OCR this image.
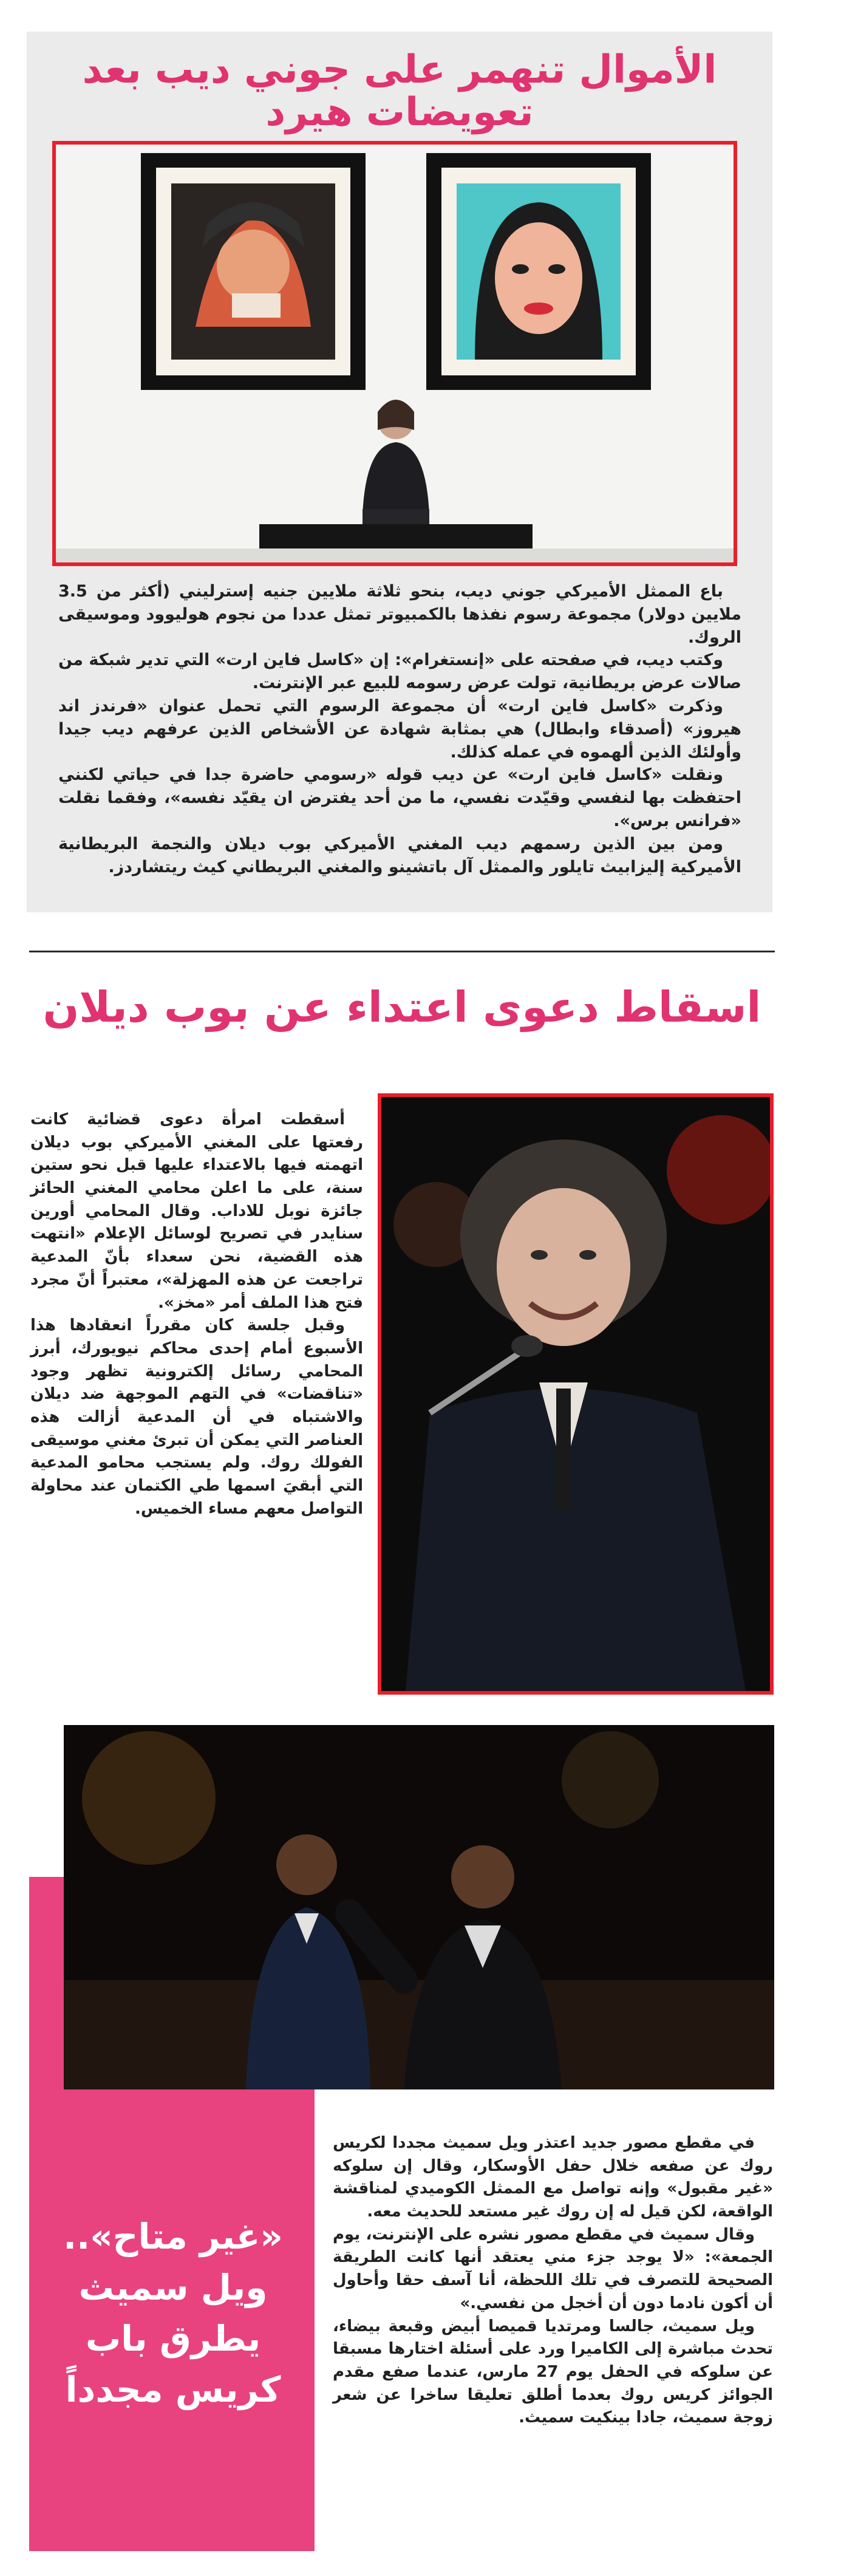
الأموال تنهمر على جوني ديب بعد تعويضات هيرد

باع الممثل الأميركي جوني ديب، بنحو ثلاثة ملايين جنيه إسترليني (أكثر من 3.5 ملايين دولار) مجموعة رسوم نفذها بالكمبيوتر تمثل عددا من نجوم هوليوود وموسيقى الروك.

وكتب ديب، في صفحته على «إنستغرام»: إن «كاسل فاين ارت» التي تدير شبكة من صالات عرض بريطانية، تولت عرض رسومه للبيع عبر الإنترنت.

وذكرت «كاسل فاين ارت» أن مجموعة الرسوم التي تحمل عنوان «فرندز اند هيروز» (أصدقاء وابطال) هي بمثابة شهادة عن الأشخاص الذين عرفهم ديب جيدا وأولئك الذين ألهموه في عمله كذلك.

ونقلت «كاسل فاين ارت» عن ديب قوله «رسومي حاضرة جدا في حياتي لكنني احتفظت بها لنفسي وقيّدت نفسي، ما من أحد يفترض ان يقيّد نفسه»، وفقما نقلت «فرانس برس».

ومن بين الذين رسمهم ديب المغني الأميركي بوب ديلان والنجمة البريطانية الأميركية إليزابيث تايلور والممثل آل باتشينو والمغني البريطاني كيث ريتشاردز.

اسقاط دعوى اعتداء عن بوب ديلان

أسقطت امرأة دعوى قضائية كانت رفعتها على المغني الأميركي بوب ديلان اتهمته فيها بالاعتداء عليها قبل نحو ستين سنة، على ما اعلن محامي المغني الحائز جائزة نوبل للاداب. وقال المحامي أورين سنايدر في تصريح لوسائل الإعلام «انتهت هذه القضية، نحن سعداء بأنّ المدعية تراجعت عن هذه المهزلة»، معتبراً أنّ مجرد فتح هذا الملف أمر «مخز».

وقبل جلسة كان مقرراً انعقادها هذا الأسبوع أمام إحدى محاكم نيويورك، أبرز المحامي رسائل إلكترونية تظهر وجود «تناقضات» في التهم الموجهة ضد ديلان والاشتباه في أن المدعية أزالت هذه العناصر التي يمكن أن تبرئ مغني موسيقى الفولك روك. ولم يستجب محامو المدعية التي أبقيَ اسمها طي الكتمان عند محاولة التواصل معهم مساء الخميس.

«غير متاح».. ويل سميث يطرق باب كريس مجدداً

في مقطع مصور جديد اعتذر ويل سميث مجددا لكريس روك عن صفعه خلال حفل الأوسكار، وقال إن سلوكه «غير مقبول» وإنه تواصل مع الممثل الكوميدي لمناقشة الواقعة، لكن قيل له إن روك غير مستعد للحديث معه.

وقال سميث في مقطع مصور نشره على الإنترنت، يوم الجمعة»: «لا يوجد جزء مني يعتقد أنها كانت الطريقة الصحيحة للتصرف في تلك اللحظة، أنا آسف حقا وأحاول أن أكون نادما دون أن أخجل من نفسي.»

ويل سميث، جالسا ومرتديا قميصا أبيض وقبعة بيضاء، تحدث مباشرة إلى الكاميرا ورد على أسئلة اختارها مسبقا عن سلوكه في الحفل يوم 27 مارس، عندما صفع مقدم الجوائز كريس روك بعدما أطلق تعليقا ساخرا عن شعر زوجة سميث، جادا بينكيت سميث.
